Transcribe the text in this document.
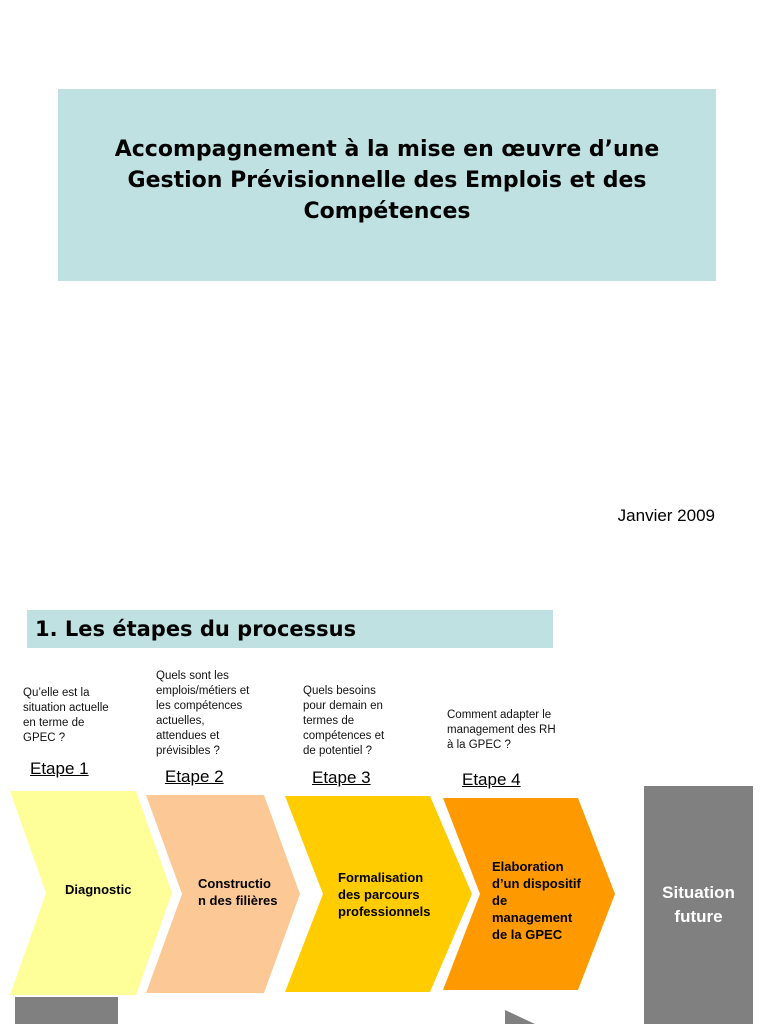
Accompagnement à la mise en œuvre d’une
Gestion Prévisionnelle des Emplois et des
Compétences
Janvier 2009
1. Les étapes du processus
Qu’elle est la
situation actuelle
en terme de
GPEC ?
Quels sont les
emplois/métiers et
les compétences
actuelles,
attendues et
prévisibles ?
Quels besoins
pour demain en
termes de
compétences et
de potentiel ?
Comment adapter le
management des RH
à la GPEC ?
Etape 1	Etape 2	Etape 3	Etape 4
Diagnostic	Constructio
n des filières
Formalisation
des parcours
professionnels
Elaboration
d’un dispositif
de
management
de la GPEC
Situation
future
